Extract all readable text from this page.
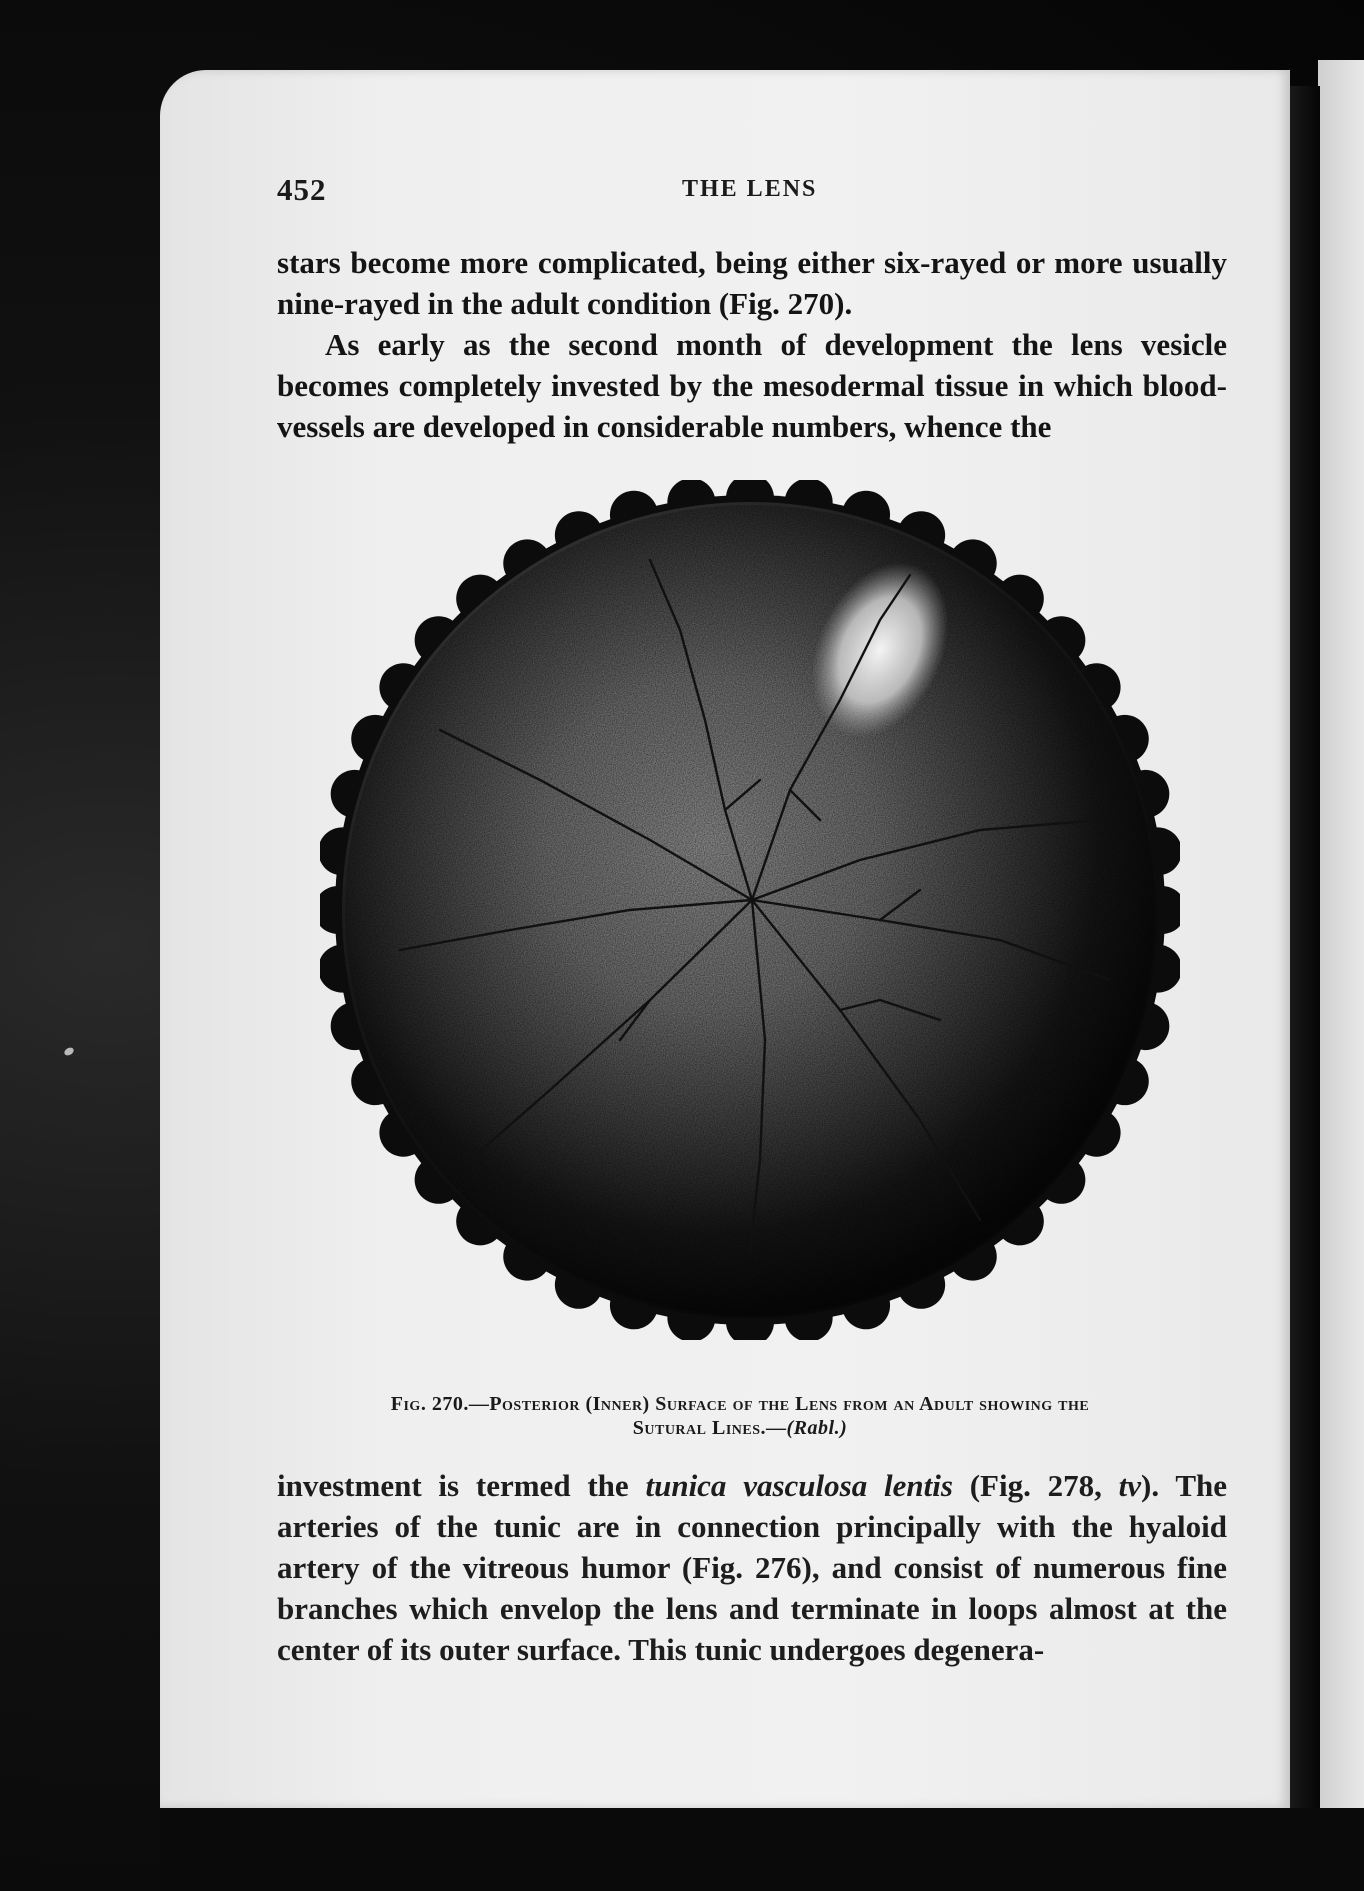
452	THE LENS

stars become more complicated, being either six-rayed or more usually nine-rayed in the adult condition (Fig. 270).

As early as the second month of development the lens vesicle becomes completely invested by the mesodermal tissue in which blood-vessels are developed in considerable numbers, whence the

Fig. 270.—Posterior (Inner) Surface of the Lens from an Adult showing the
Sutural Lines.—(Rabl.)

investment is termed the tunica vasculosa lentis (Fig. 278, tv). The arteries of the tunic are in connection principally with the hyaloid artery of the vitreous humor (Fig. 276), and consist of numerous fine branches which envelop the lens and terminate in loops almost at the center of its outer surface. This tunic undergoes degenera-
